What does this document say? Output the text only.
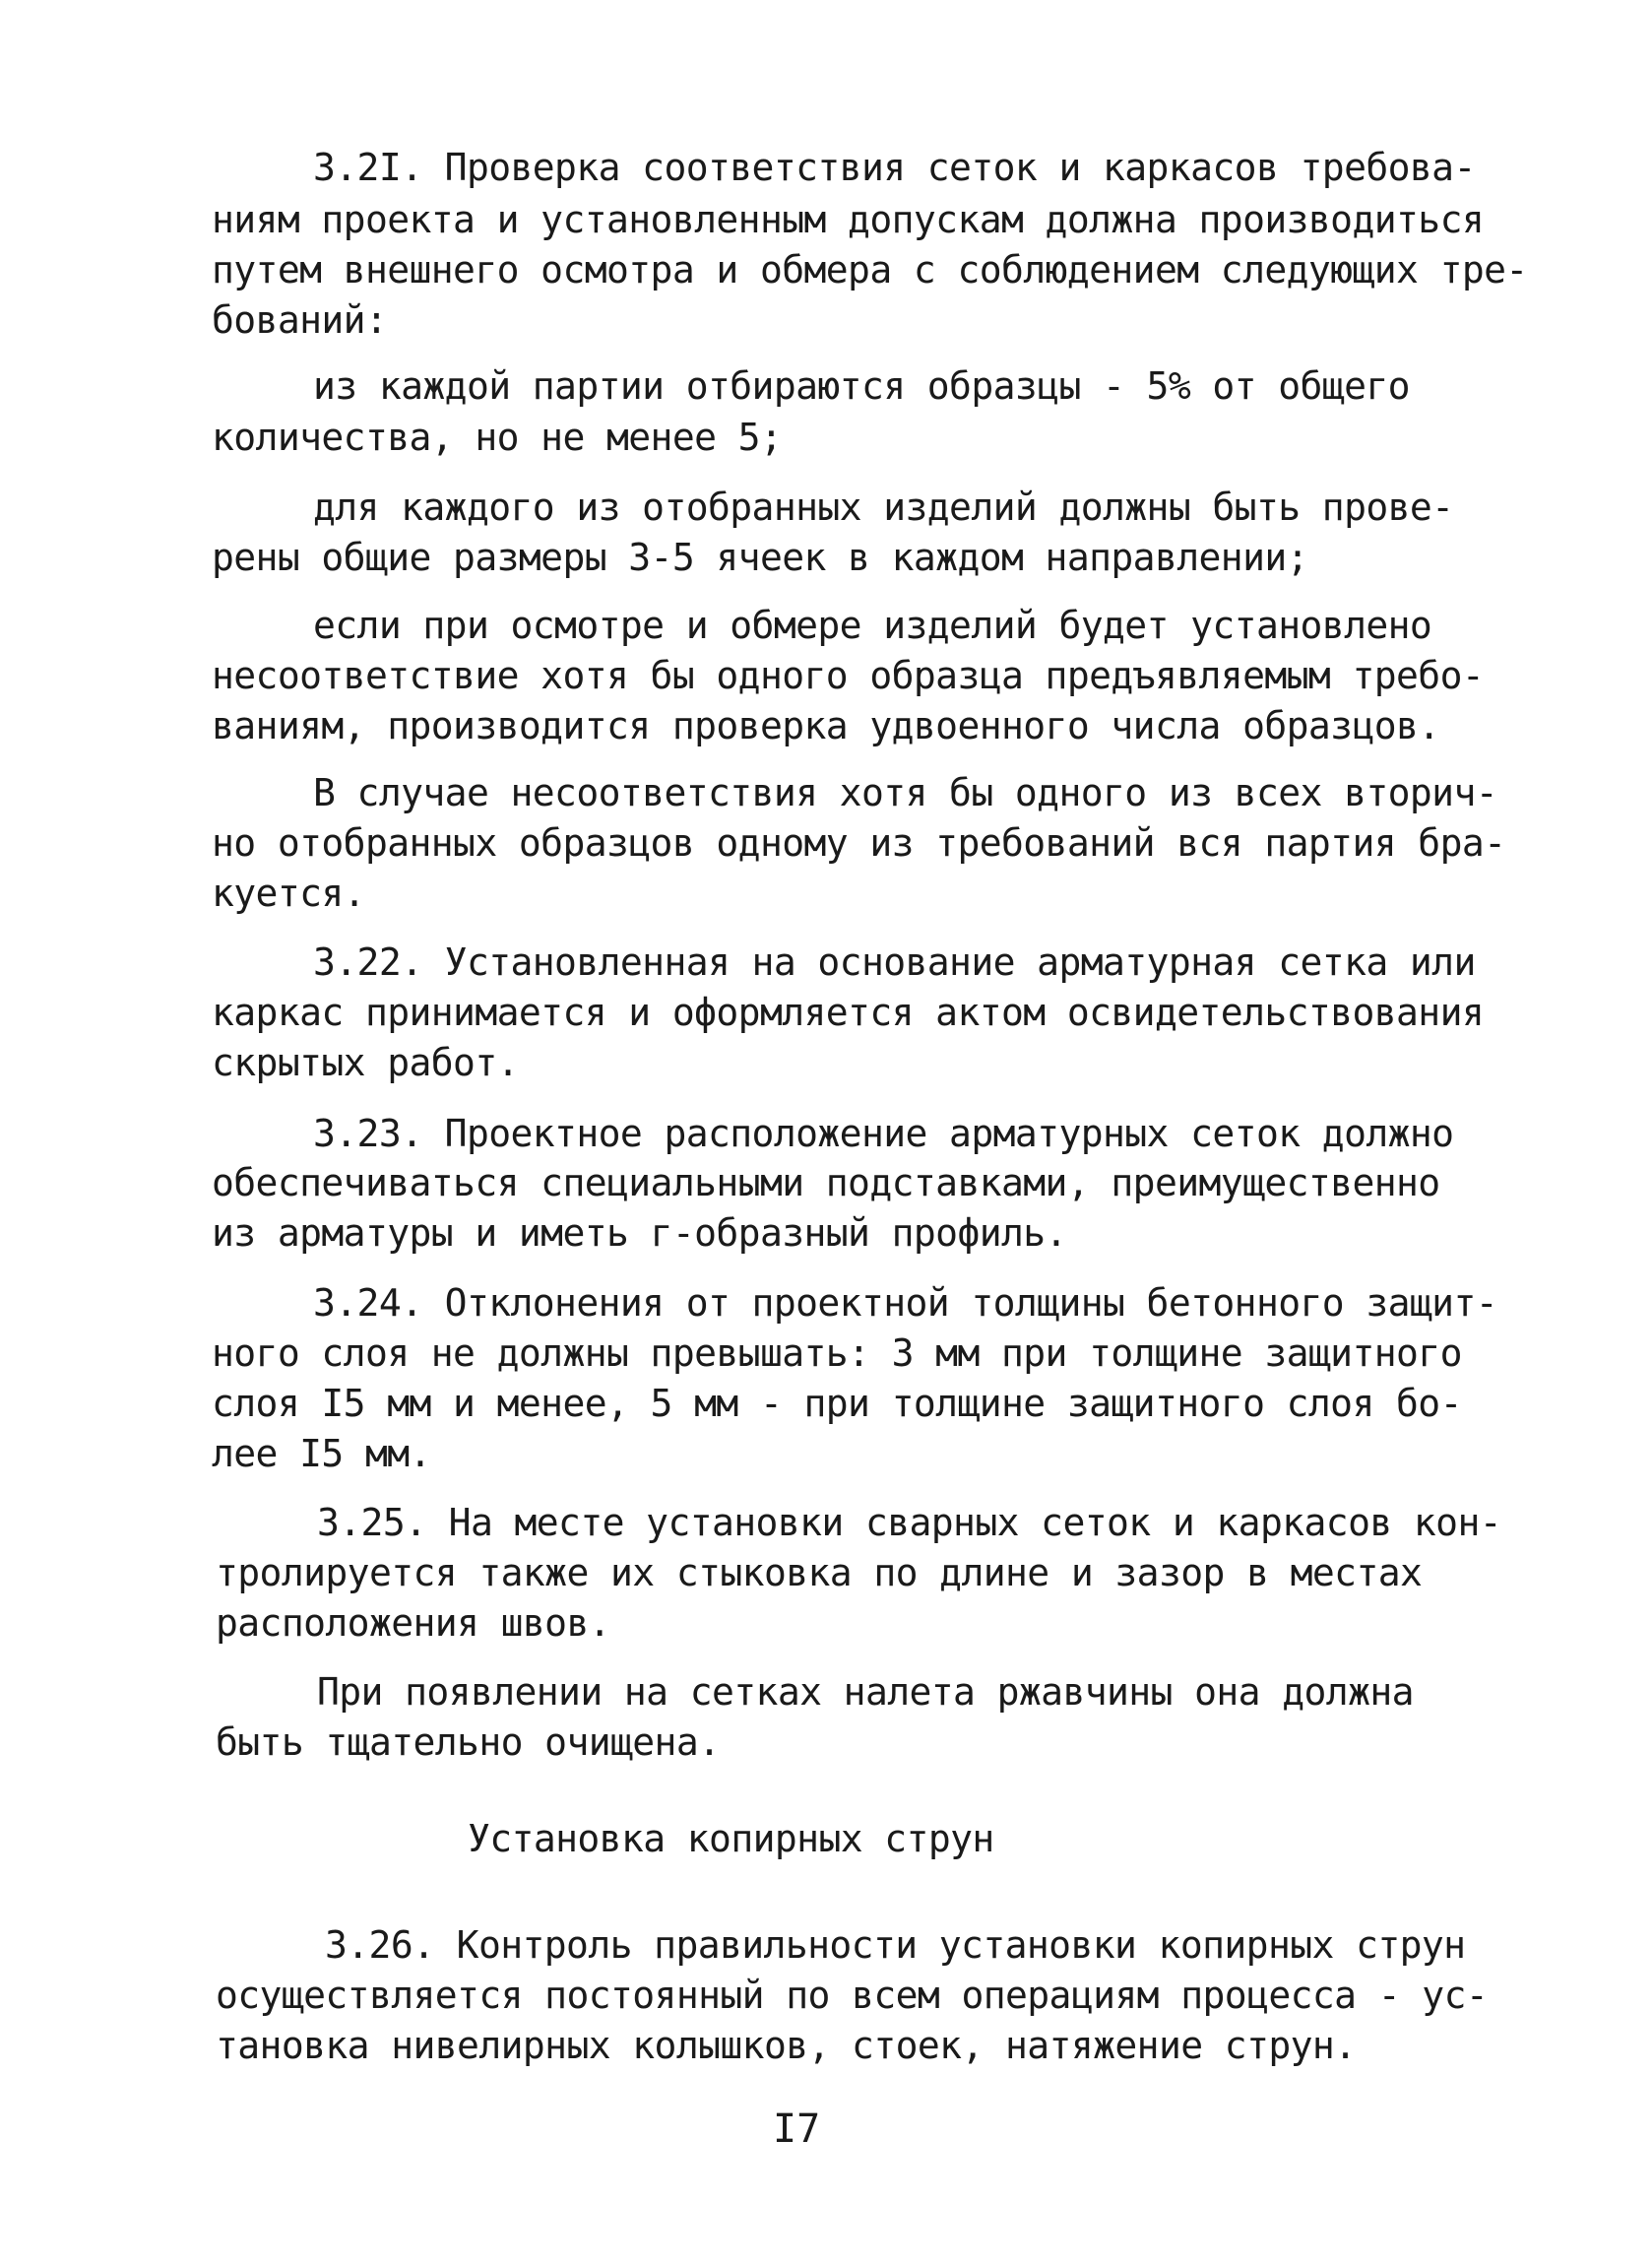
3.2I. Проверка соответствия сеток и каркасов требова-
ниям проекта и установленным допускам должна производиться
путем внешнего осмотра и обмера с соблюдением следующих тре-
бований:
из каждой партии отбираются образцы - 5% от общего
количества, но не менее 5;
для каждого из отобранных изделий должны быть прове-
рены общие размеры 3-5 ячеек в каждом направлении;
если при осмотре и обмере изделий будет установлено
несоответствие хотя бы одного образца предъявляемым требо-
ваниям, производится проверка удвоенного числа образцов.
В случае несоответствия хотя бы одного из всех вторич-
но отобранных образцов одному из требований вся партия бра-
куется.
3.22. Установленная на основание арматурная сетка или
каркас принимается и оформляется актом освидетельствования
скрытых работ.
3.23. Проектное расположение арматурных сеток должно
обеспечиваться специальными подставками, преимущественно
из арматуры и иметь г-образный профиль.
3.24. Отклонения от проектной толщины бетонного защит-
ного слоя не должны превышать: 3 мм при толщине защитного
слоя I5 мм и менее, 5 мм - при толщине защитного слоя бо-
лее I5 мм.
3.25. На месте установки сварных сеток и каркасов кон-
тролируется также их стыковка по длине и зазор в местах
расположения швов.
При появлении на сетках налета ржавчины она должна
быть тщательно очищена.
Установка копирных струн
3.26. Контроль правильности установки копирных струн
осуществляется постоянный по всем операциям процесса - ус-
тановка нивелирных колышков, стоек, натяжение струн.
I7
